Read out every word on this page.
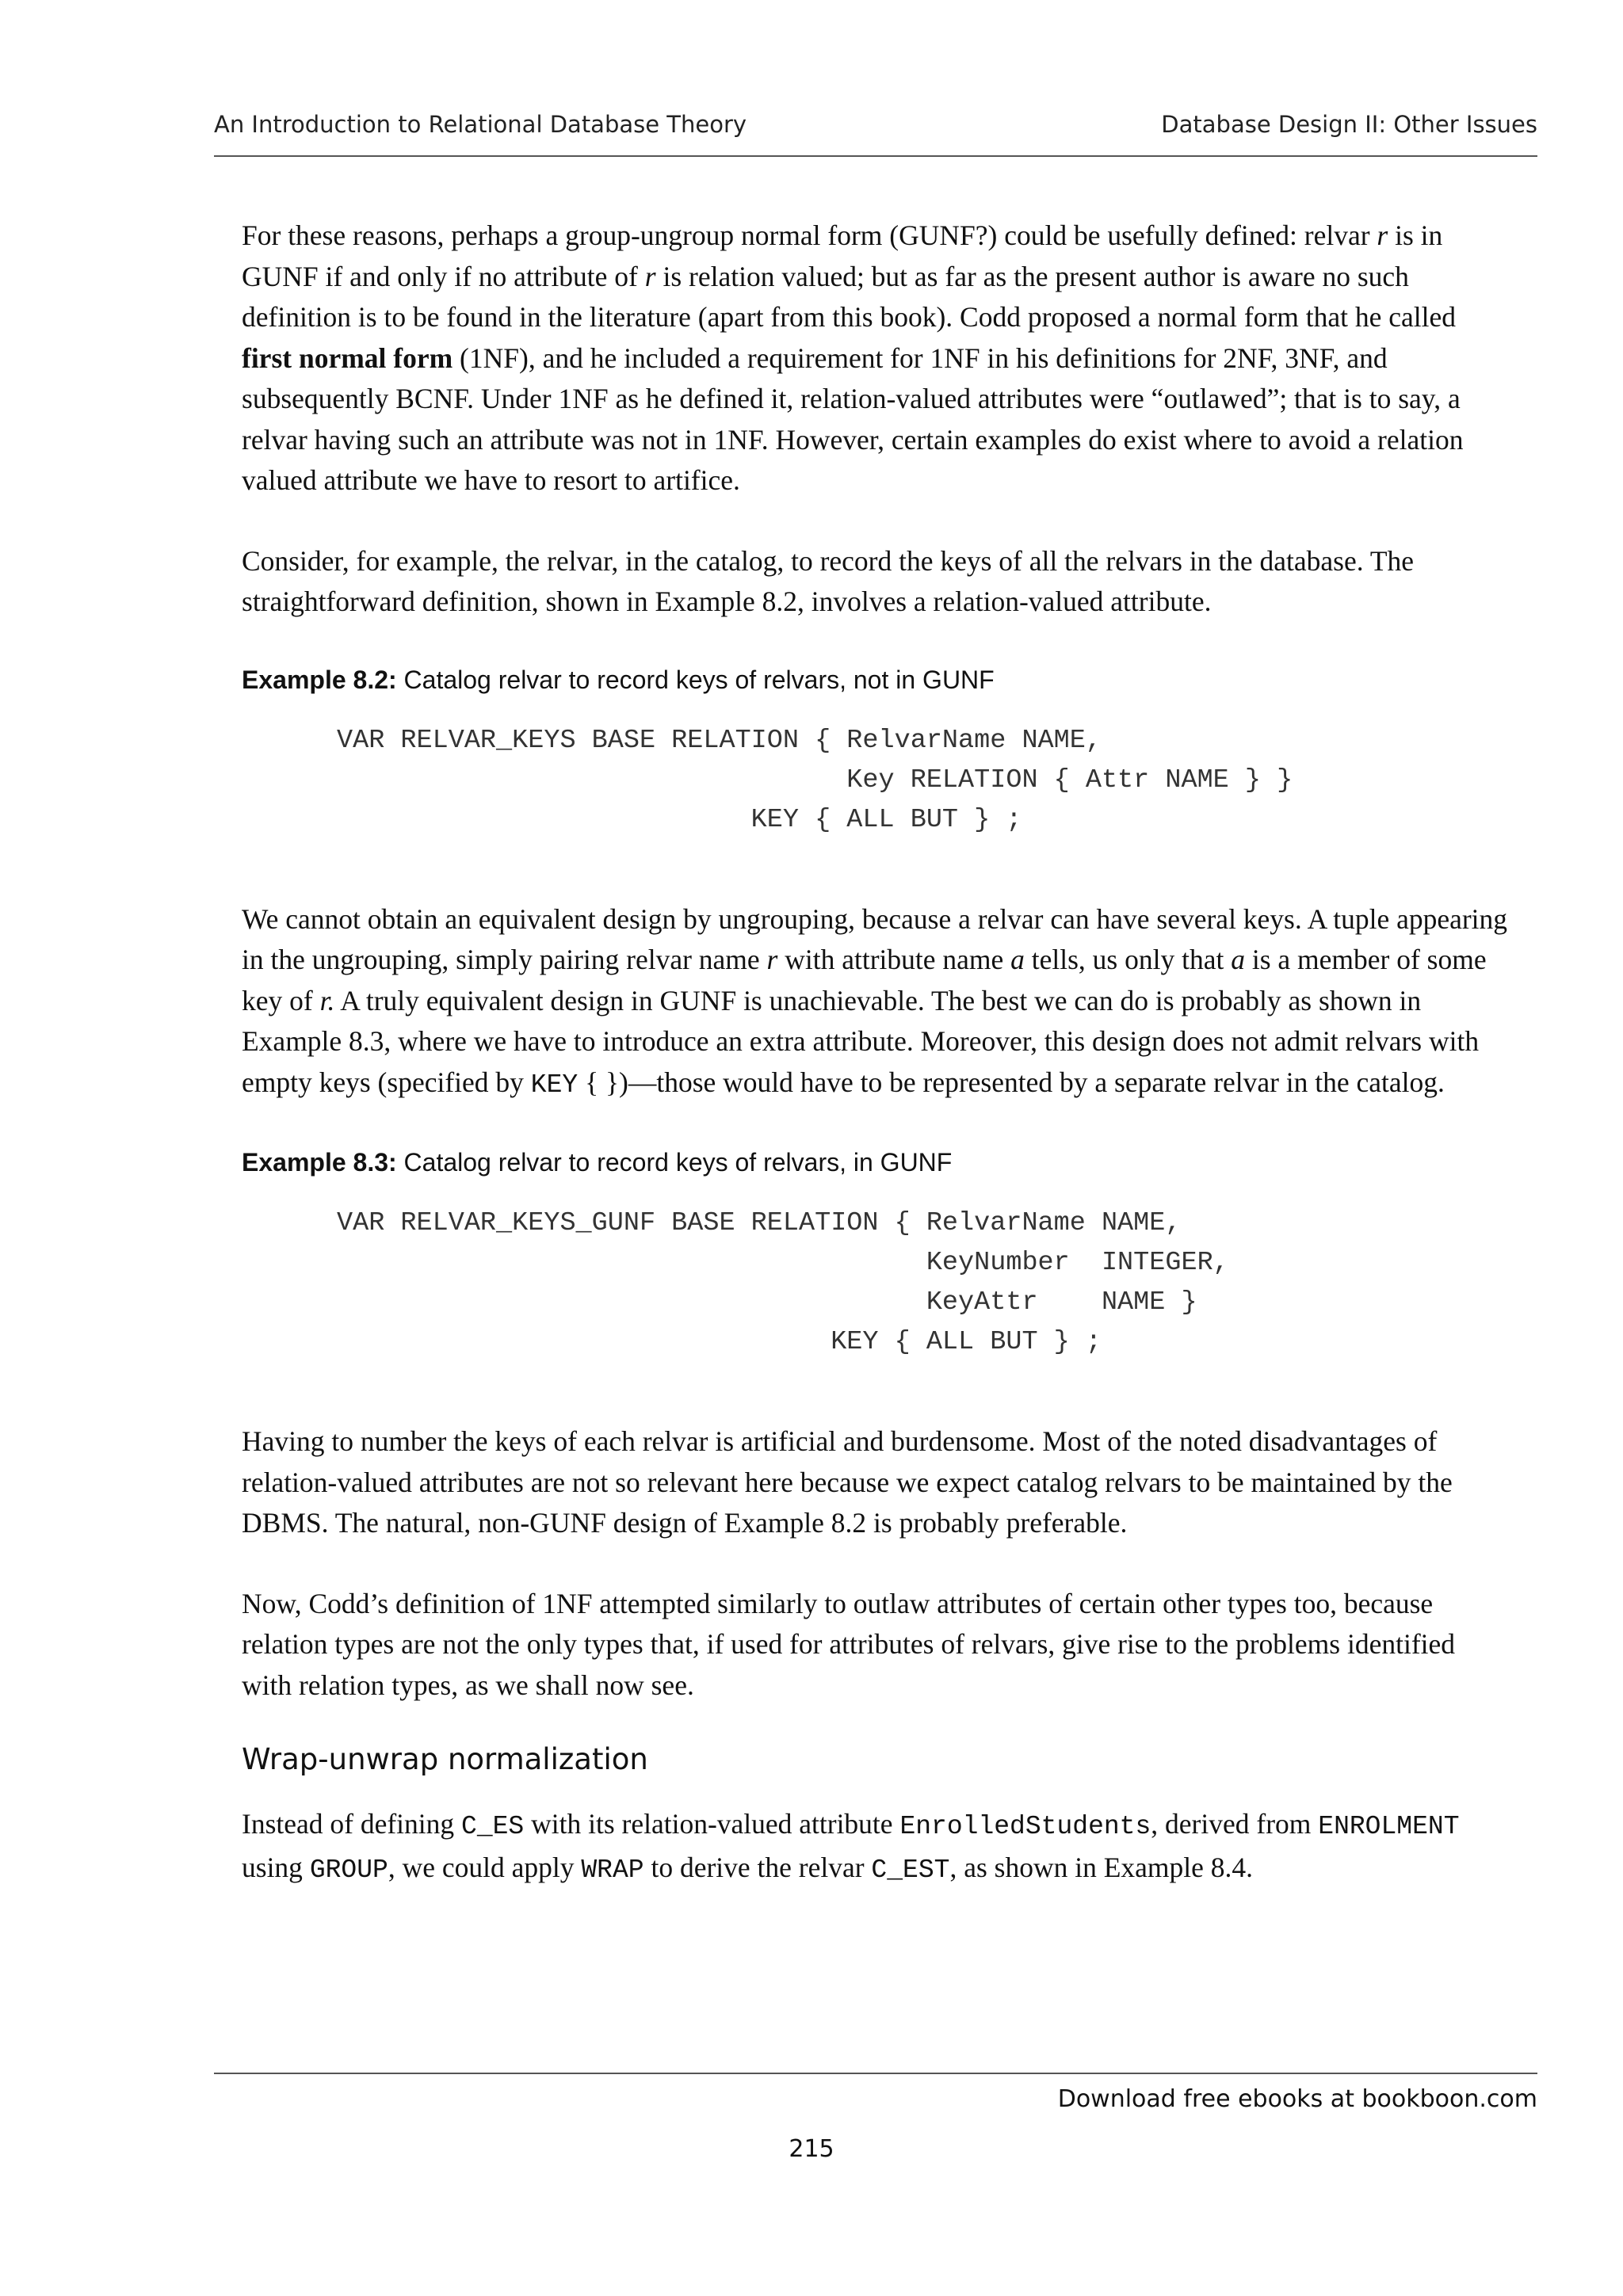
An Introduction to Relational Database Theory	Database Design II: Other Issues

For these reasons, perhaps a group-ungroup normal form (GUNF?) could be usefully defined: relvar r is in GUNF if and only if no attribute of r is relation valued; but as far as the present author is aware no such definition is to be found in the literature (apart from this book). Codd proposed a normal form that he called first normal form (1NF), and he included a requirement for 1NF in his definitions for 2NF, 3NF, and subsequently BCNF. Under 1NF as he defined it, relation-valued attributes were “outlawed”; that is to say, a relvar having such an attribute was not in 1NF. However, certain examples do exist where to avoid a relation valued attribute we have to resort to artifice.

Consider, for example, the relvar, in the catalog, to record the keys of all the relvars in the database. The straightforward definition, shown in Example 8.2, involves a relation-valued attribute.

Example 8.2: Catalog relvar to record keys of relvars, not in GUNF

VAR RELVAR_KEYS BASE RELATION { RelvarName NAME,
Key RELATION { Attr NAME } }
KEY { ALL BUT } ;

We cannot obtain an equivalent design by ungrouping, because a relvar can have several keys. A tuple appearing in the ungrouping, simply pairing relvar name r with attribute name a tells, us only that a is a member of some key of r. A truly equivalent design in GUNF is unachievable. The best we can do is probably as shown in Example 8.3, where we have to introduce an extra attribute. Moreover, this design does not admit relvars with empty keys (specified by KEY { })—those would have to be represented by a separate relvar in the catalog.

Example 8.3: Catalog relvar to record keys of relvars, in GUNF

VAR RELVAR_KEYS_GUNF BASE RELATION { RelvarName NAME,
KeyNumber  INTEGER,
KeyAttr    NAME }
KEY { ALL BUT } ;

Having to number the keys of each relvar is artificial and burdensome. Most of the noted disadvantages of relation-valued attributes are not so relevant here because we expect catalog relvars to be maintained by the DBMS. The natural, non-GUNF design of Example 8.2 is probably preferable.

Now, Codd’s definition of 1NF attempted similarly to outlaw attributes of certain other types too, because relation types are not the only types that, if used for attributes of relvars, give rise to the problems identified with relation types, as we shall now see.

Wrap-unwrap normalization

Instead of defining C_ES with its relation-valued attribute EnrolledStudents, derived from ENROLMENT using GROUP, we could apply WRAP to derive the relvar C_EST, as shown in Example 8.4.

Download free ebooks at bookboon.com
215
